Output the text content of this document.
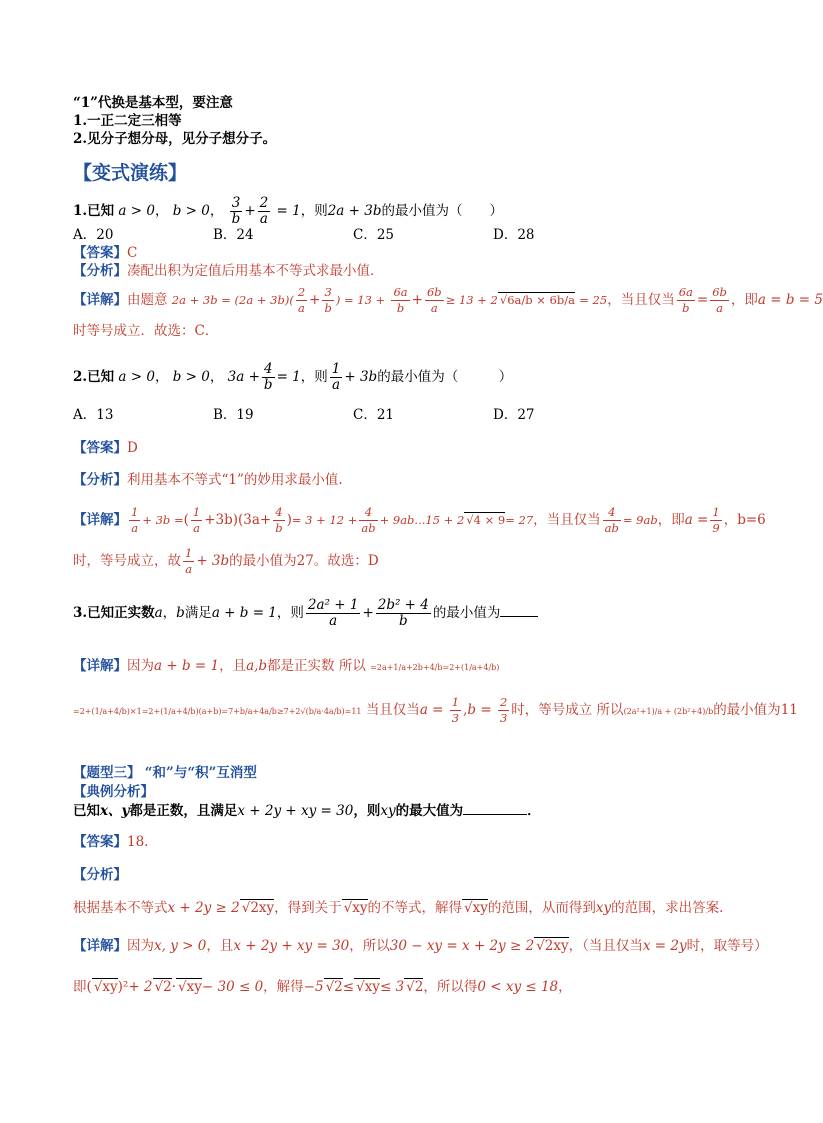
“1”代换是基本型，要注意
1.一正二定三相等
2.见分子想分母，见分子想分子。
【变式演练】
1.已知 a > 0， b > 0， $\frac{3}{b} + \frac{2}{a} = 1$，则2a + 3b的最小值为（　　）
A．20	B．24	C．25	D．28
【答案】C
【分析】凑配出积为定值后用基本不等式求最小值．
【详解】由题意 $2a + 3b = (2a + 3b)( \frac{2}{a} + \frac{3}{b}$ ) = $13 + \frac{6a}{b} + \frac{6b}{a} \ge 13 + 2√$ 6a/b × 6b/a = 25，当且仅当 $\frac{6a}{b} = \frac{6b}{a}$ ，即a = b = 5
时等号成立．故选：C．
2.已知 a > 0， b > 0， $3a + \frac{4}{b} = 1$，则 $\frac{1}{a} + 3b$的最小值为（　　　）
A．13	B．19	C．21	D．27
【答案】D
【分析】利用基本不等式“1”的妙用求最小值.
【详解】 $\frac{1}{a} + 3b$ =( $\frac{1}{a} +3b)(3a+ \frac{4}{b}$ )= $3 + 12 + \frac{4}{ab} + 9ab...15 + 2√$ 4 × 9= 27，当且仅当 $\frac{4}{ab} = 9ab$，即$a = \frac{1}{9}$ ，b=6
时，等号成立，故 $\frac{1}{a} + 3b$的最小值为27。故选：D
3.已知正实数a，b满足a + b = 1，则 $\frac{\text{2a² + 1}}{a} + \frac{\text{2b² + 4}}{b}$ 的最小值为
【详解】因为a + b = 1，且a,b都是正实数 所以 =2a+1/a+2b+4/b=2+(1/a+4/b)
=2+(1/a+4/b)×1=2+(1/a+4/b)(a+b)=7+b/a+4a/b≥7+2√(b/a·4a/b)=11 当且仅当$a = \frac{1}{3} ,b = \frac{2}{3}$ 时，等号成立 所以(2a²+1)/a + (2b²+4)/b的最小值为11
【题型三】 “和”与“积”互消型
【典例分析】
已知x、y都是正数，且满足x + 2y + xy = 30，则xy的最大值为	．
【答案】18.
【分析】
根据基本不等式x + 2y ≥ 2√ 2xy，得到关于√ xy的不等式，解得√ xy的范围，从而得到xy的范围，求出答案.
【详解】因为x, y > 0，且x + 2y + xy = 30，所以30 − xy = x + 2y ≥ 2√ 2xy，（当且仅当x = 2y时，取等号）
即(√ xy)²+ 2√ 2·√ xy− 30 ≤ 0，解得−5√ 2≤√ xy≤ 3√ 2，所以得0 < xy ≤ 18，
